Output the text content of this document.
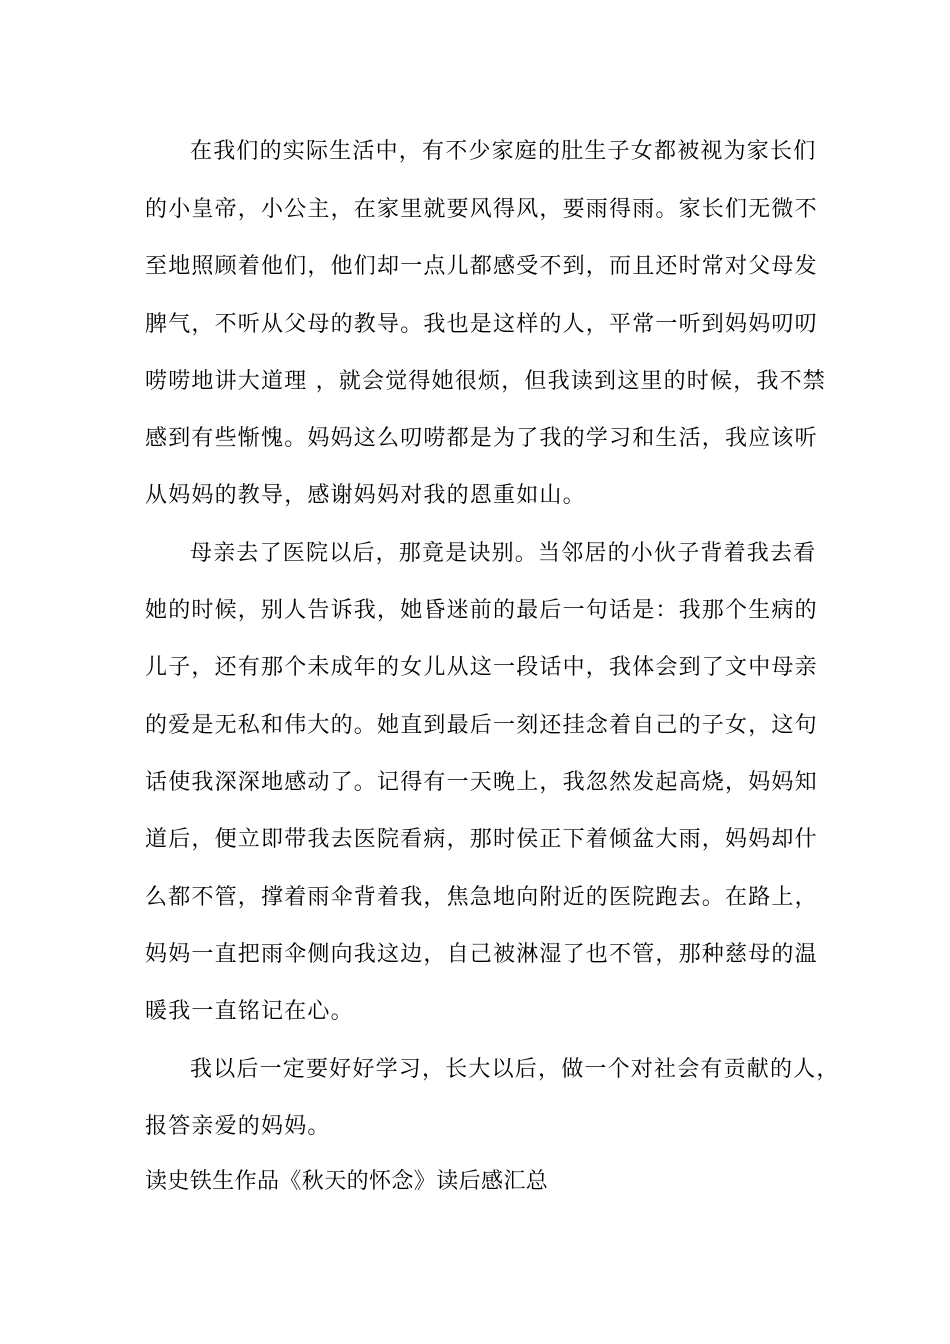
在我们的实际生活中，有不少家庭的肚生子女都被视为家长们
的小皇帝，小公主，在家里就要风得风，要雨得雨。家长们无微不
至地照顾着他们，他们却一点儿都感受不到，而且还时常对父母发
脾气，不听从父母的教导。我也是这样的人，平常一听到妈妈叨叨
唠唠地讲大道理 ，就会觉得她很烦，但我读到这里的时候，我不禁
感到有些惭愧。妈妈这么叨唠都是为了我的学习和生活，我应该听
从妈妈的教导，感谢妈妈对我的恩重如山。
母亲去了医院以后，那竟是诀别。当邻居的小伙子背着我去看
她的时候，别人告诉我，她昏迷前的最后一句话是：我那个生病的
儿子，还有那个未成年的女儿从这一段话中，我体会到了文中母亲
的爱是无私和伟大的。她直到最后一刻还挂念着自己的子女，这句
话使我深深地感动了。记得有一天晚上，我忽然发起高烧，妈妈知
道后，便立即带我去医院看病，那时侯正下着倾盆大雨，妈妈却什
么都不管，撑着雨伞背着我，焦急地向附近的医院跑去。在路上，
妈妈一直把雨伞侧向我这边，自己被淋湿了也不管，那种慈母的温
暖我一直铭记在心。
我以后一定要好好学习，长大以后，做一个对社会有贡献的人，
报答亲爱的妈妈。
读史铁生作品《秋天的怀念》读后感汇总
